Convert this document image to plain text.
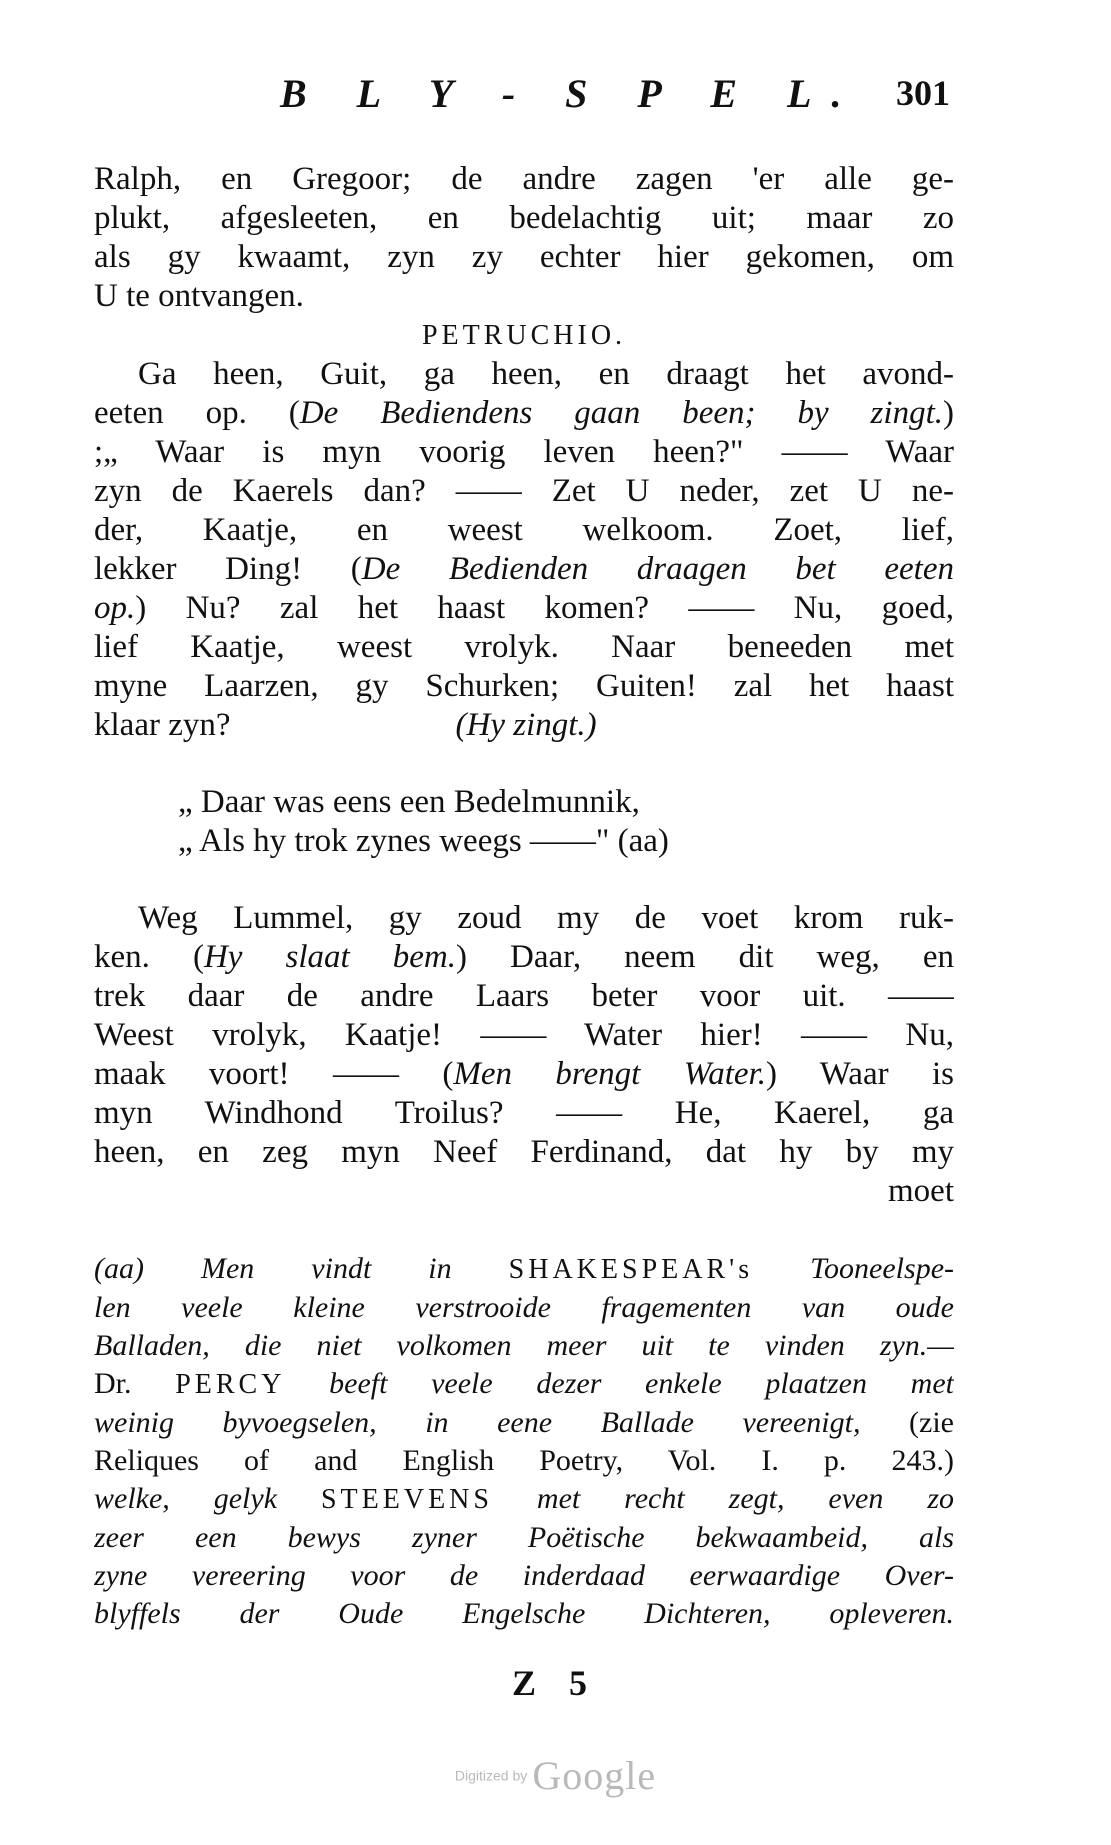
B L Y - S P E L. 301
Ralph, en Gregoor; de andre zagen 'er alle ge-
plukt, afgesleeten, en bedelachtig uit; maar zo
als gy kwaamt, zyn zy echter hier gekomen, om
U te ontvangen.
PETRUCHIO.
Ga heen, Guit, ga heen, en draagt het avond-
eeten op. (De Bediendens gaan been; by zingt.)
;„ Waar is myn voorig leven heen?" —— Waar
zyn de Kaerels dan? —— Zet U neder, zet U ne-
der, Kaatje, en weest welkoom. Zoet, lief,
lekker Ding! (De Bedienden draagen bet eeten
op.) Nu? zal het haast komen? —— Nu, goed,
lief Kaatje, weest vrolyk. Naar beneeden met
myne Laarzen, gy Schurken; Guiten! zal het haast
klaar zyn?	(Hy zingt.)
„ Daar was eens een Bedelmunnik,
„ Als hy trok zynes weegs ——" (aa)
Weg Lummel, gy zoud my de voet krom ruk-
ken. (Hy slaat bem.) Daar, neem dit weg, en
trek daar de andre Laars beter voor uit. ——
Weest vrolyk, Kaatje! —— Water hier! —— Nu,
maak voort! —— (Men brengt Water.) Waar is
myn Windhond Troilus? —— He, Kaerel, ga
heen, en zeg myn Neef Ferdinand, dat hy by my
moet
(aa) Men vindt in SHAKESPEAR's Tooneelspe-
len veele kleine verstrooide fragementen van oude
Balladen, die niet volkomen meer uit te vinden zyn.—
Dr. PERCY beeft veele dezer enkele plaatzen met
weinig byvoegselen, in eene Ballade vereenigt, (zie
Reliques of and English Poetry, Vol. I. p. 243.)
welke, gelyk STEEVENS met recht zegt, even zo
zeer een bewys zyner Poëtische bekwaambeid, als
zyne vereering voor de inderdaad eerwaardige Over-
blyffels der Oude Engelsche Dichteren, opleveren.
Z 5
Digitized by Google
